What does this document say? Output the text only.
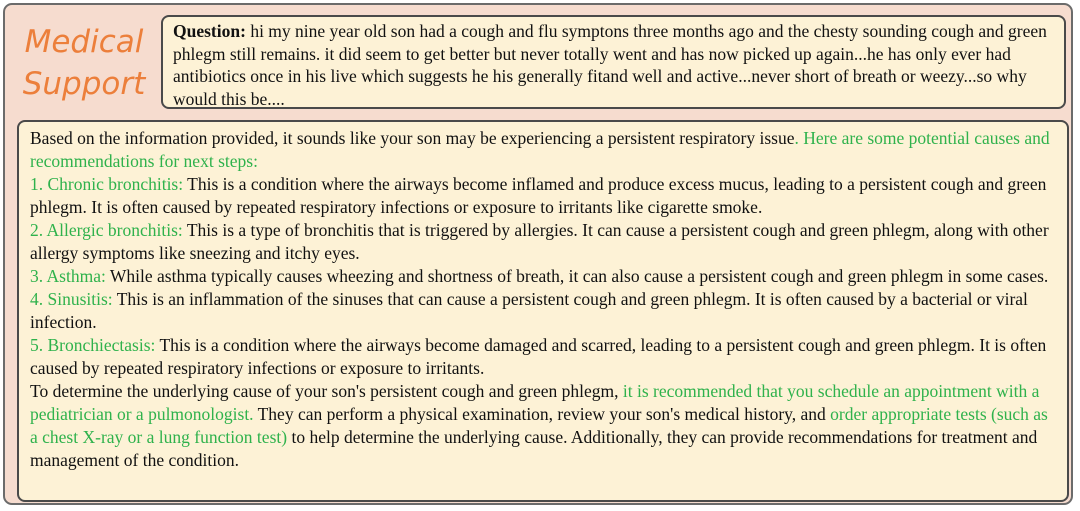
Medical
Support
Question: hi my nine year old son had a cough and flu symptons three months ago and the chesty sounding cough and green phlegm still remains. it did seem to get better but never totally went and has now picked up again...he has only ever had antibiotics once in his live which suggests he his generally fitand well and active...never short of breath or weezy...so why would this be....

Based on the information provided, it sounds like your son may be experiencing a persistent respiratory issue. Here are some potential causes and recommendations for next steps:

1. Chronic bronchitis: This is a condition where the airways become inflamed and produce excess mucus, leading to a persistent cough and green phlegm. It is often caused by repeated respiratory infections or exposure to irritants like cigarette smoke.

2. Allergic bronchitis: This is a type of bronchitis that is triggered by allergies. It can cause a persistent cough and green phlegm, along with other allergy symptoms like sneezing and itchy eyes.

3. Asthma: While asthma typically causes wheezing and shortness of breath, it can also cause a persistent cough and green phlegm in some cases.

4. Sinusitis: This is an inflammation of the sinuses that can cause a persistent cough and green phlegm. It is often caused by a bacterial or viral infection.

5. Bronchiectasis: This is a condition where the airways become damaged and scarred, leading to a persistent cough and green phlegm. It is often caused by repeated respiratory infections or exposure to irritants.

To determine the underlying cause of your son's persistent cough and green phlegm, it is recommended that you schedule an appointment with a pediatrician or a pulmonologist. They can perform a physical examination, review your son's medical history, and order appropriate tests (such as a chest X-ray or a lung function test) to help determine the underlying cause. Additionally, they can provide recommendations for treatment and management of the condition.
